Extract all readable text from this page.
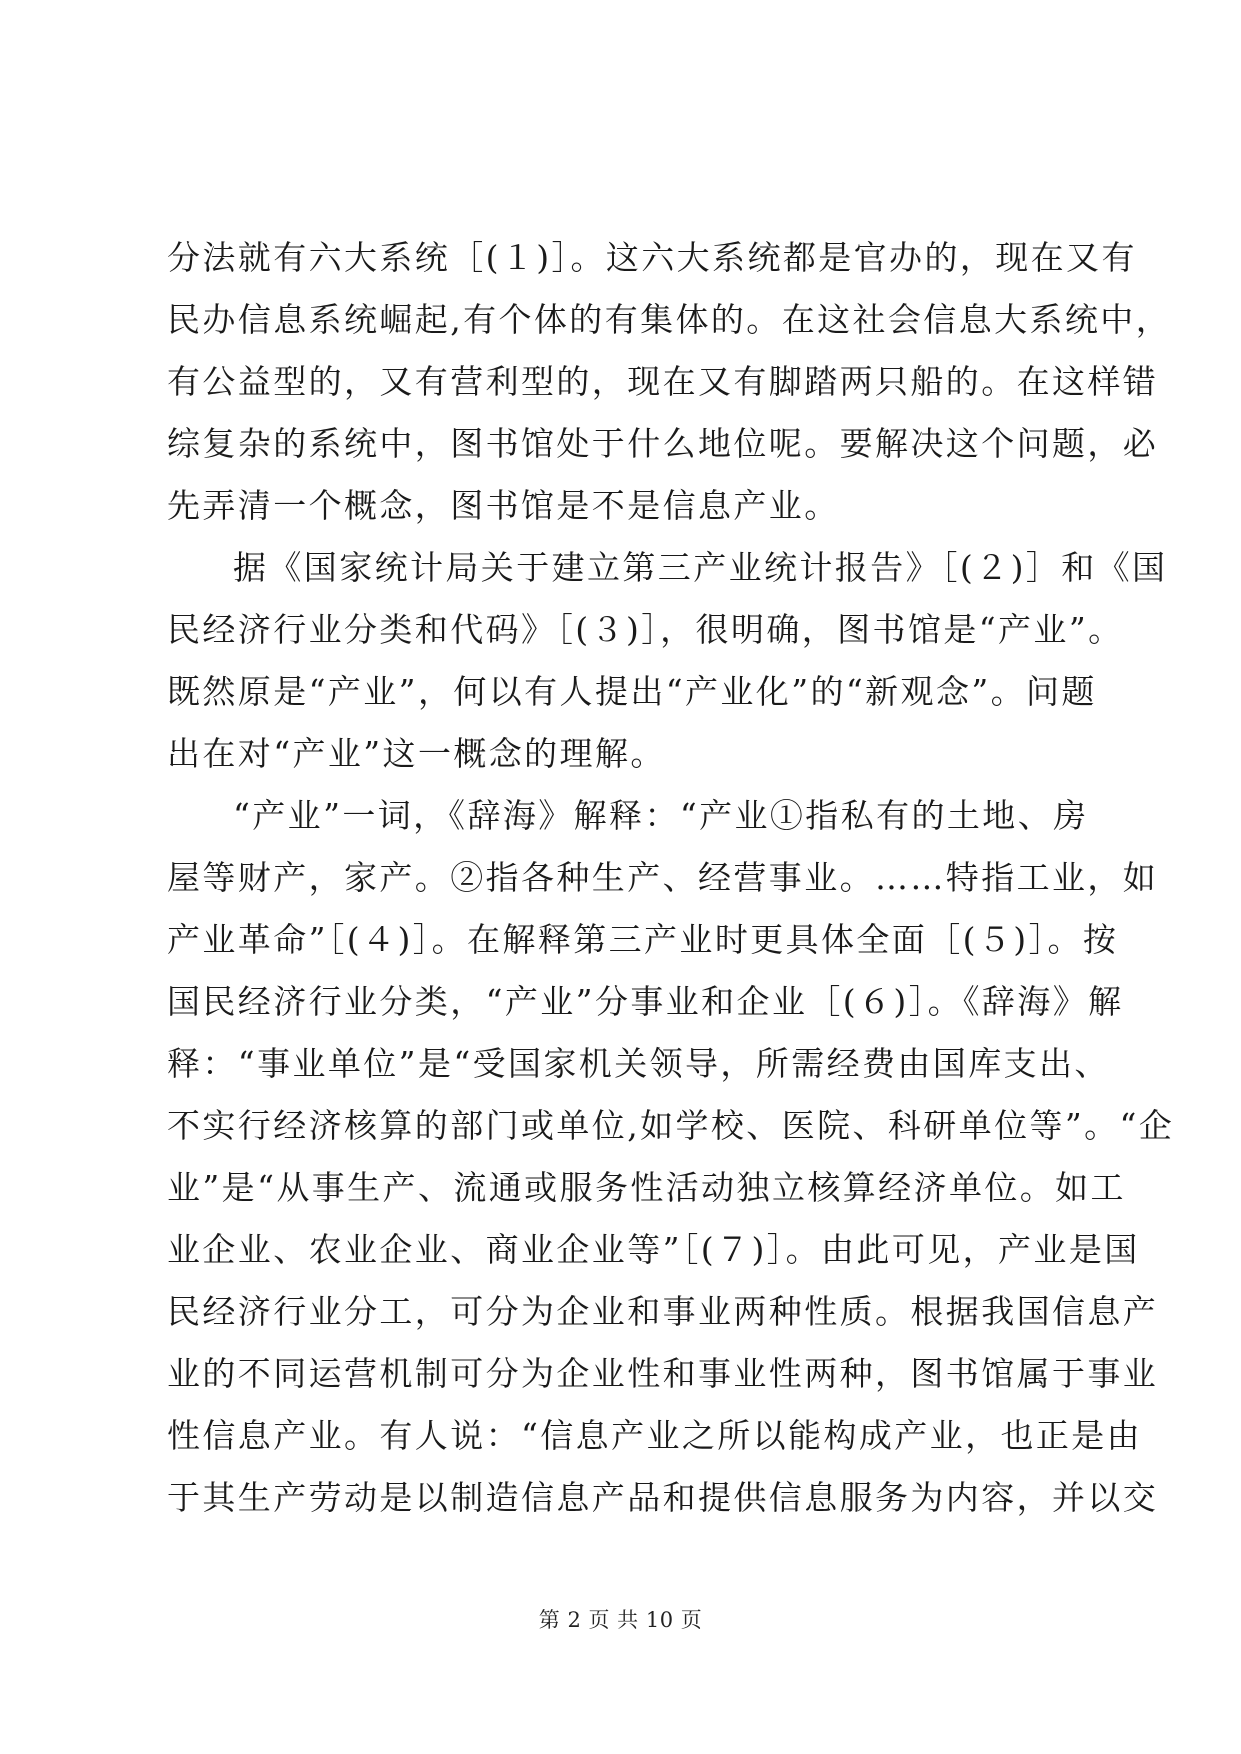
分法就有六大系统［(１)］。这六大系统都是官办的，现在又有
民办信息系统崛起,有个体的有集体的。在这社会信息大系统中，
有公益型的，又有营利型的，现在又有脚踏两只船的。在这样错
综复杂的系统中，图书馆处于什么地位呢。要解决这个问题，必
先弄清一个概念，图书馆是不是信息产业。
据《国家统计局关于建立第三产业统计报告》［(２)］和《国
民经济行业分类和代码》［(３)］，很明确，图书馆是“产业”。
既然原是“产业”，何以有人提出“产业化”的“新观念”。问题
出在对“产业”这一概念的理解。
“产业”一词，《辞海》解释：“产业①指私有的土地、房
屋等财产，家产。②指各种生产、经营事业。……特指工业，如
产业革命”［(４)］。在解释第三产业时更具体全面［(５)］。按
国民经济行业分类，“产业”分事业和企业［(６)］。《辞海》解
释：“事业单位”是“受国家机关领导，所需经费由国库支出、
不实行经济核算的部门或单位,如学校、医院、科研单位等”。“企
业”是“从事生产、流通或服务性活动独立核算经济单位。如工
业企业、农业企业、商业企业等”［(７)］。由此可见，产业是国
民经济行业分工，可分为企业和事业两种性质。根据我国信息产
业的不同运营机制可分为企业性和事业性两种，图书馆属于事业
性信息产业。有人说：“信息产业之所以能构成产业，也正是由
于其生产劳动是以制造信息产品和提供信息服务为内容，并以交
第 2 页 共 10 页
